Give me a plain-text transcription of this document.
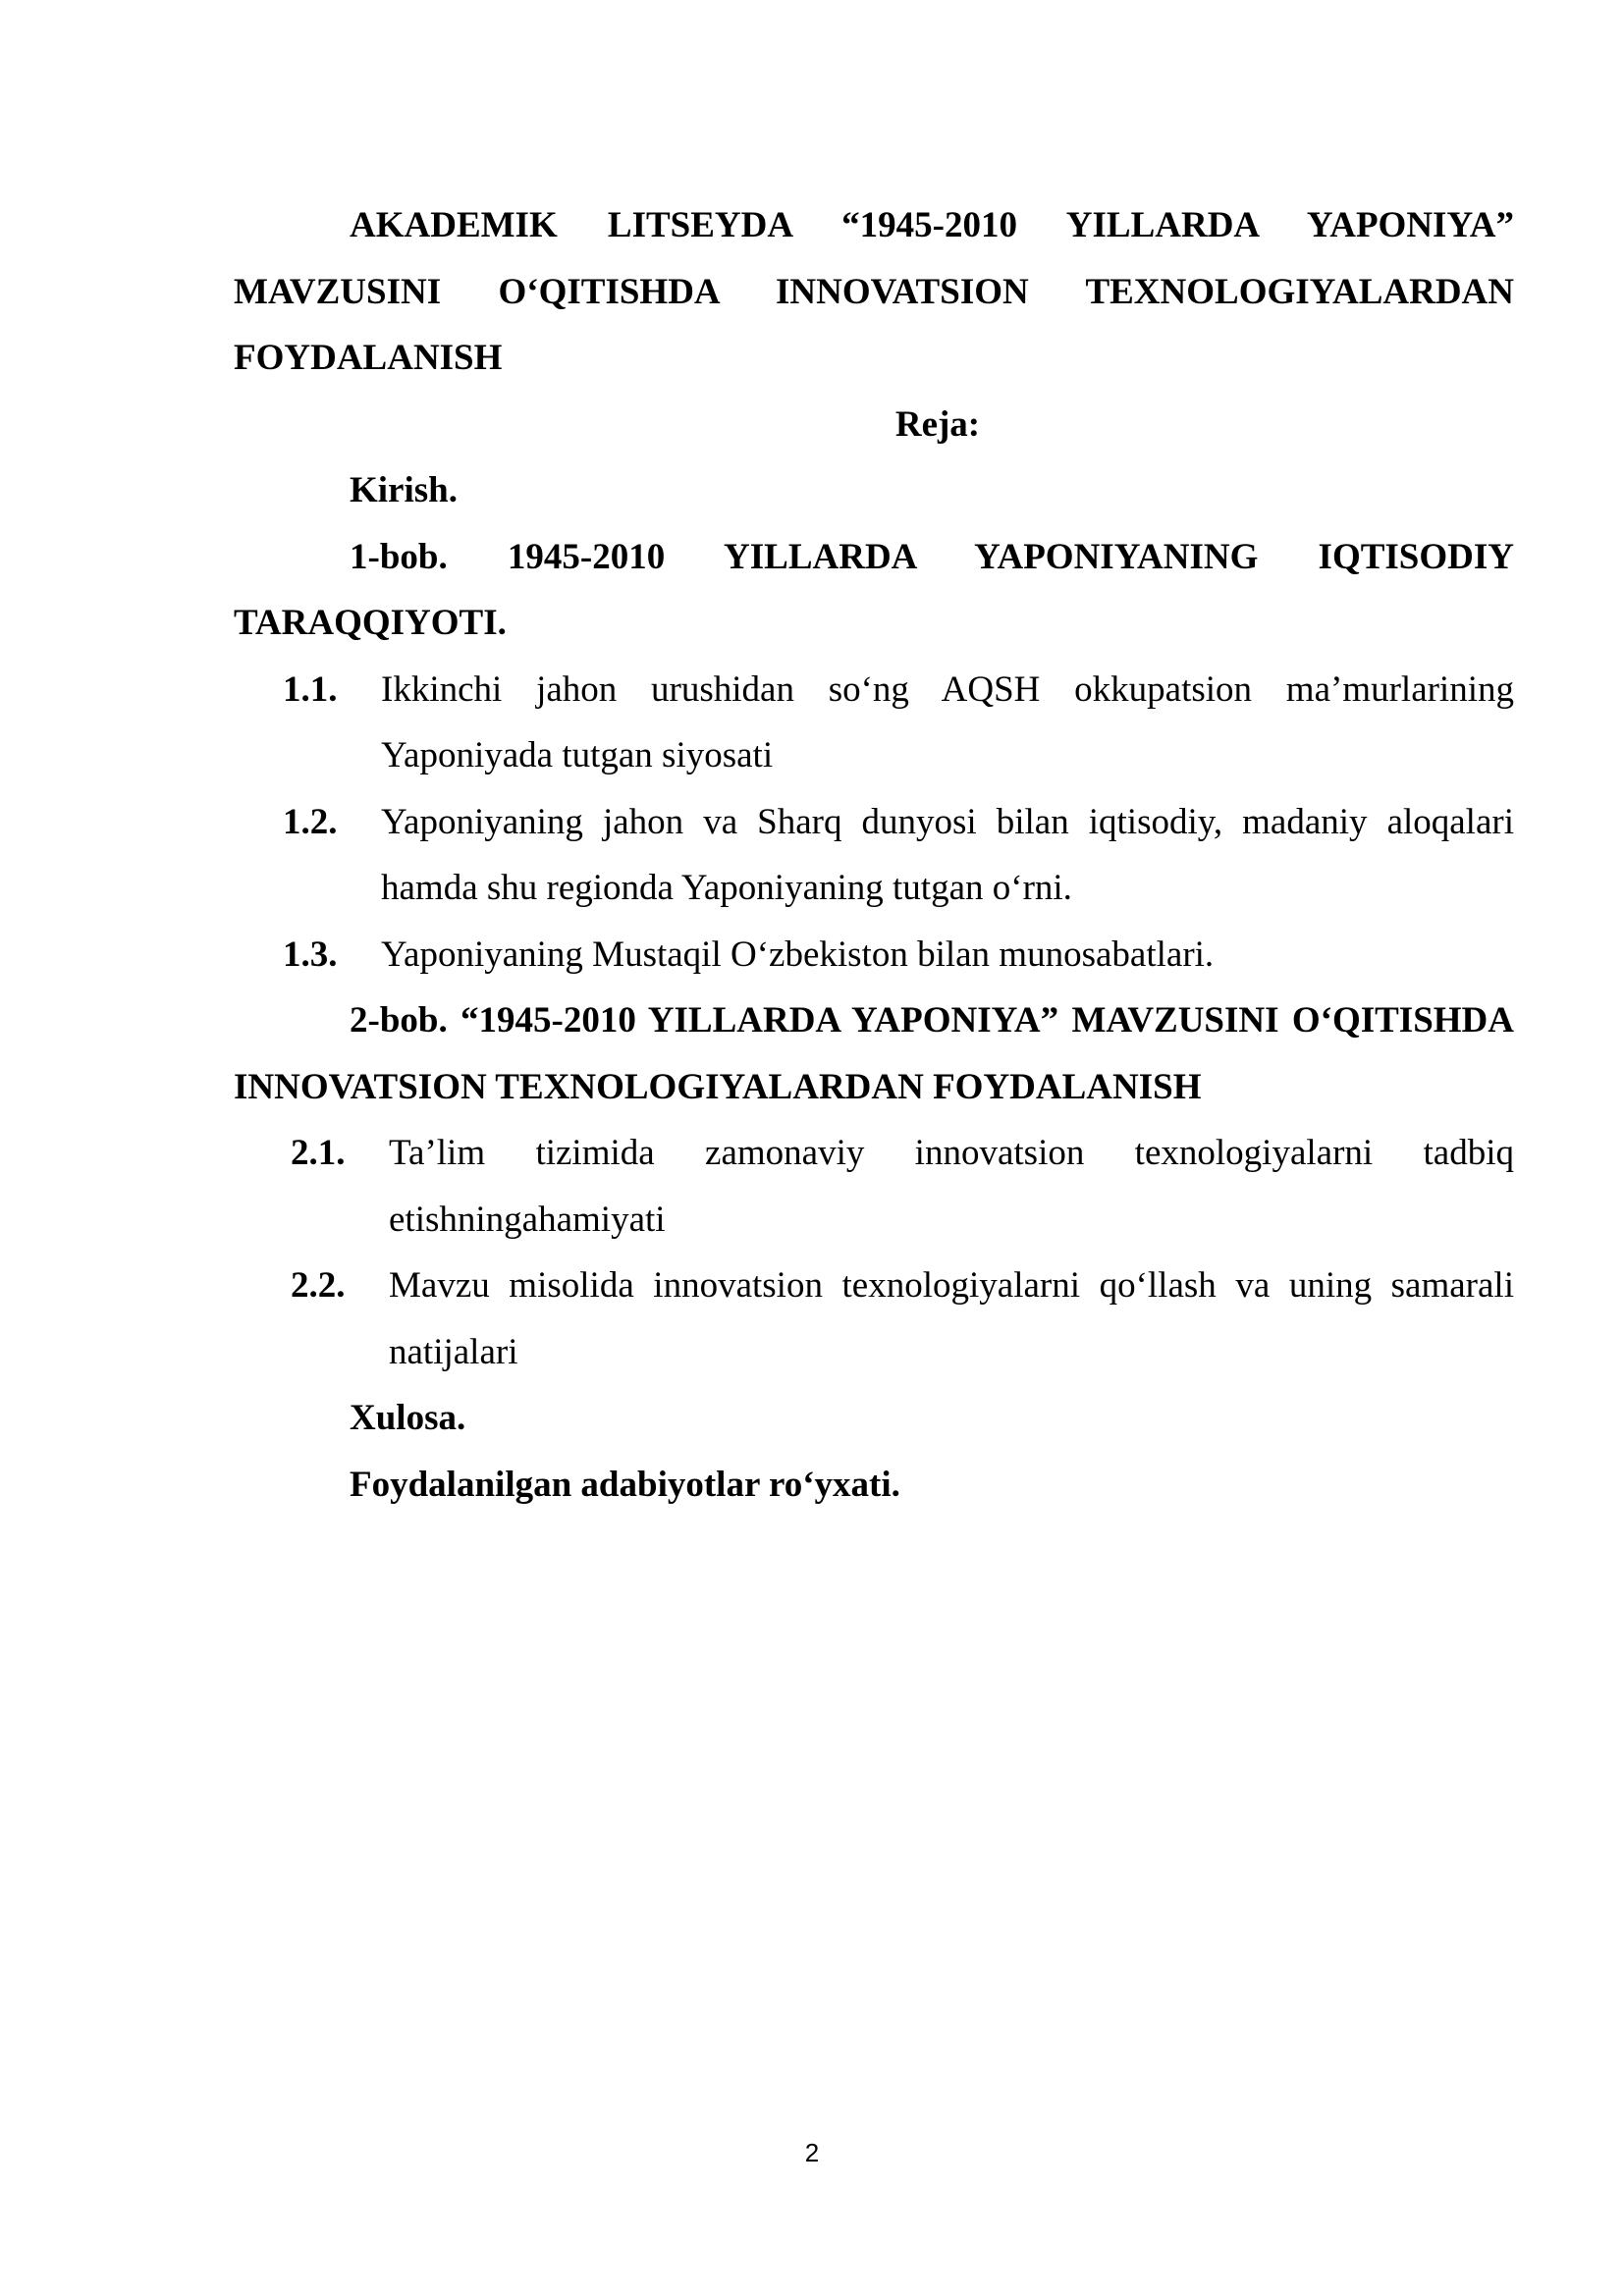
AKADEMIK LITSEYDA “1945-2010 YILLARDA YAPONIYA” MAVZUSINI O‘QITISHDA INNOVATSION TEXNOLOGIYALARDAN FOYDALANISH

Reja:

Kirish.

1-bob. 1945-2010 YILLARDA YAPONIYANING IQTISODIY TARAQQIYOTI.

1.1. Ikkinchi jahon urushidan so‘ng AQSH okkupatsion ma’murlarining Yaponiyada tutgan siyosati
1.2. Yaponiyaning jahon va Sharq dunyosi bilan iqtisodiy, madaniy aloqalari hamda shu regionda Yaponiyaning tutgan o‘rni.
1.3. Yaponiyaning Mustaqil O‘zbekiston bilan munosabatlari.

2-bob. “1945-2010 YILLARDA YAPONIYA” MAVZUSINI O‘QITISHDA INNOVATSION TEXNOLOGIYALARDAN FOYDALANISH

2.1. Ta’lim tizimida zamonaviy innovatsion texnologiyalarni tadbiq etishningahamiyati
2.2. Mavzu misolida innovatsion texnologiyalarni qo‘llash va uning samarali natijalari

Xulosa.

Foydalanilgan adabiyotlar ro‘yxati.

2
